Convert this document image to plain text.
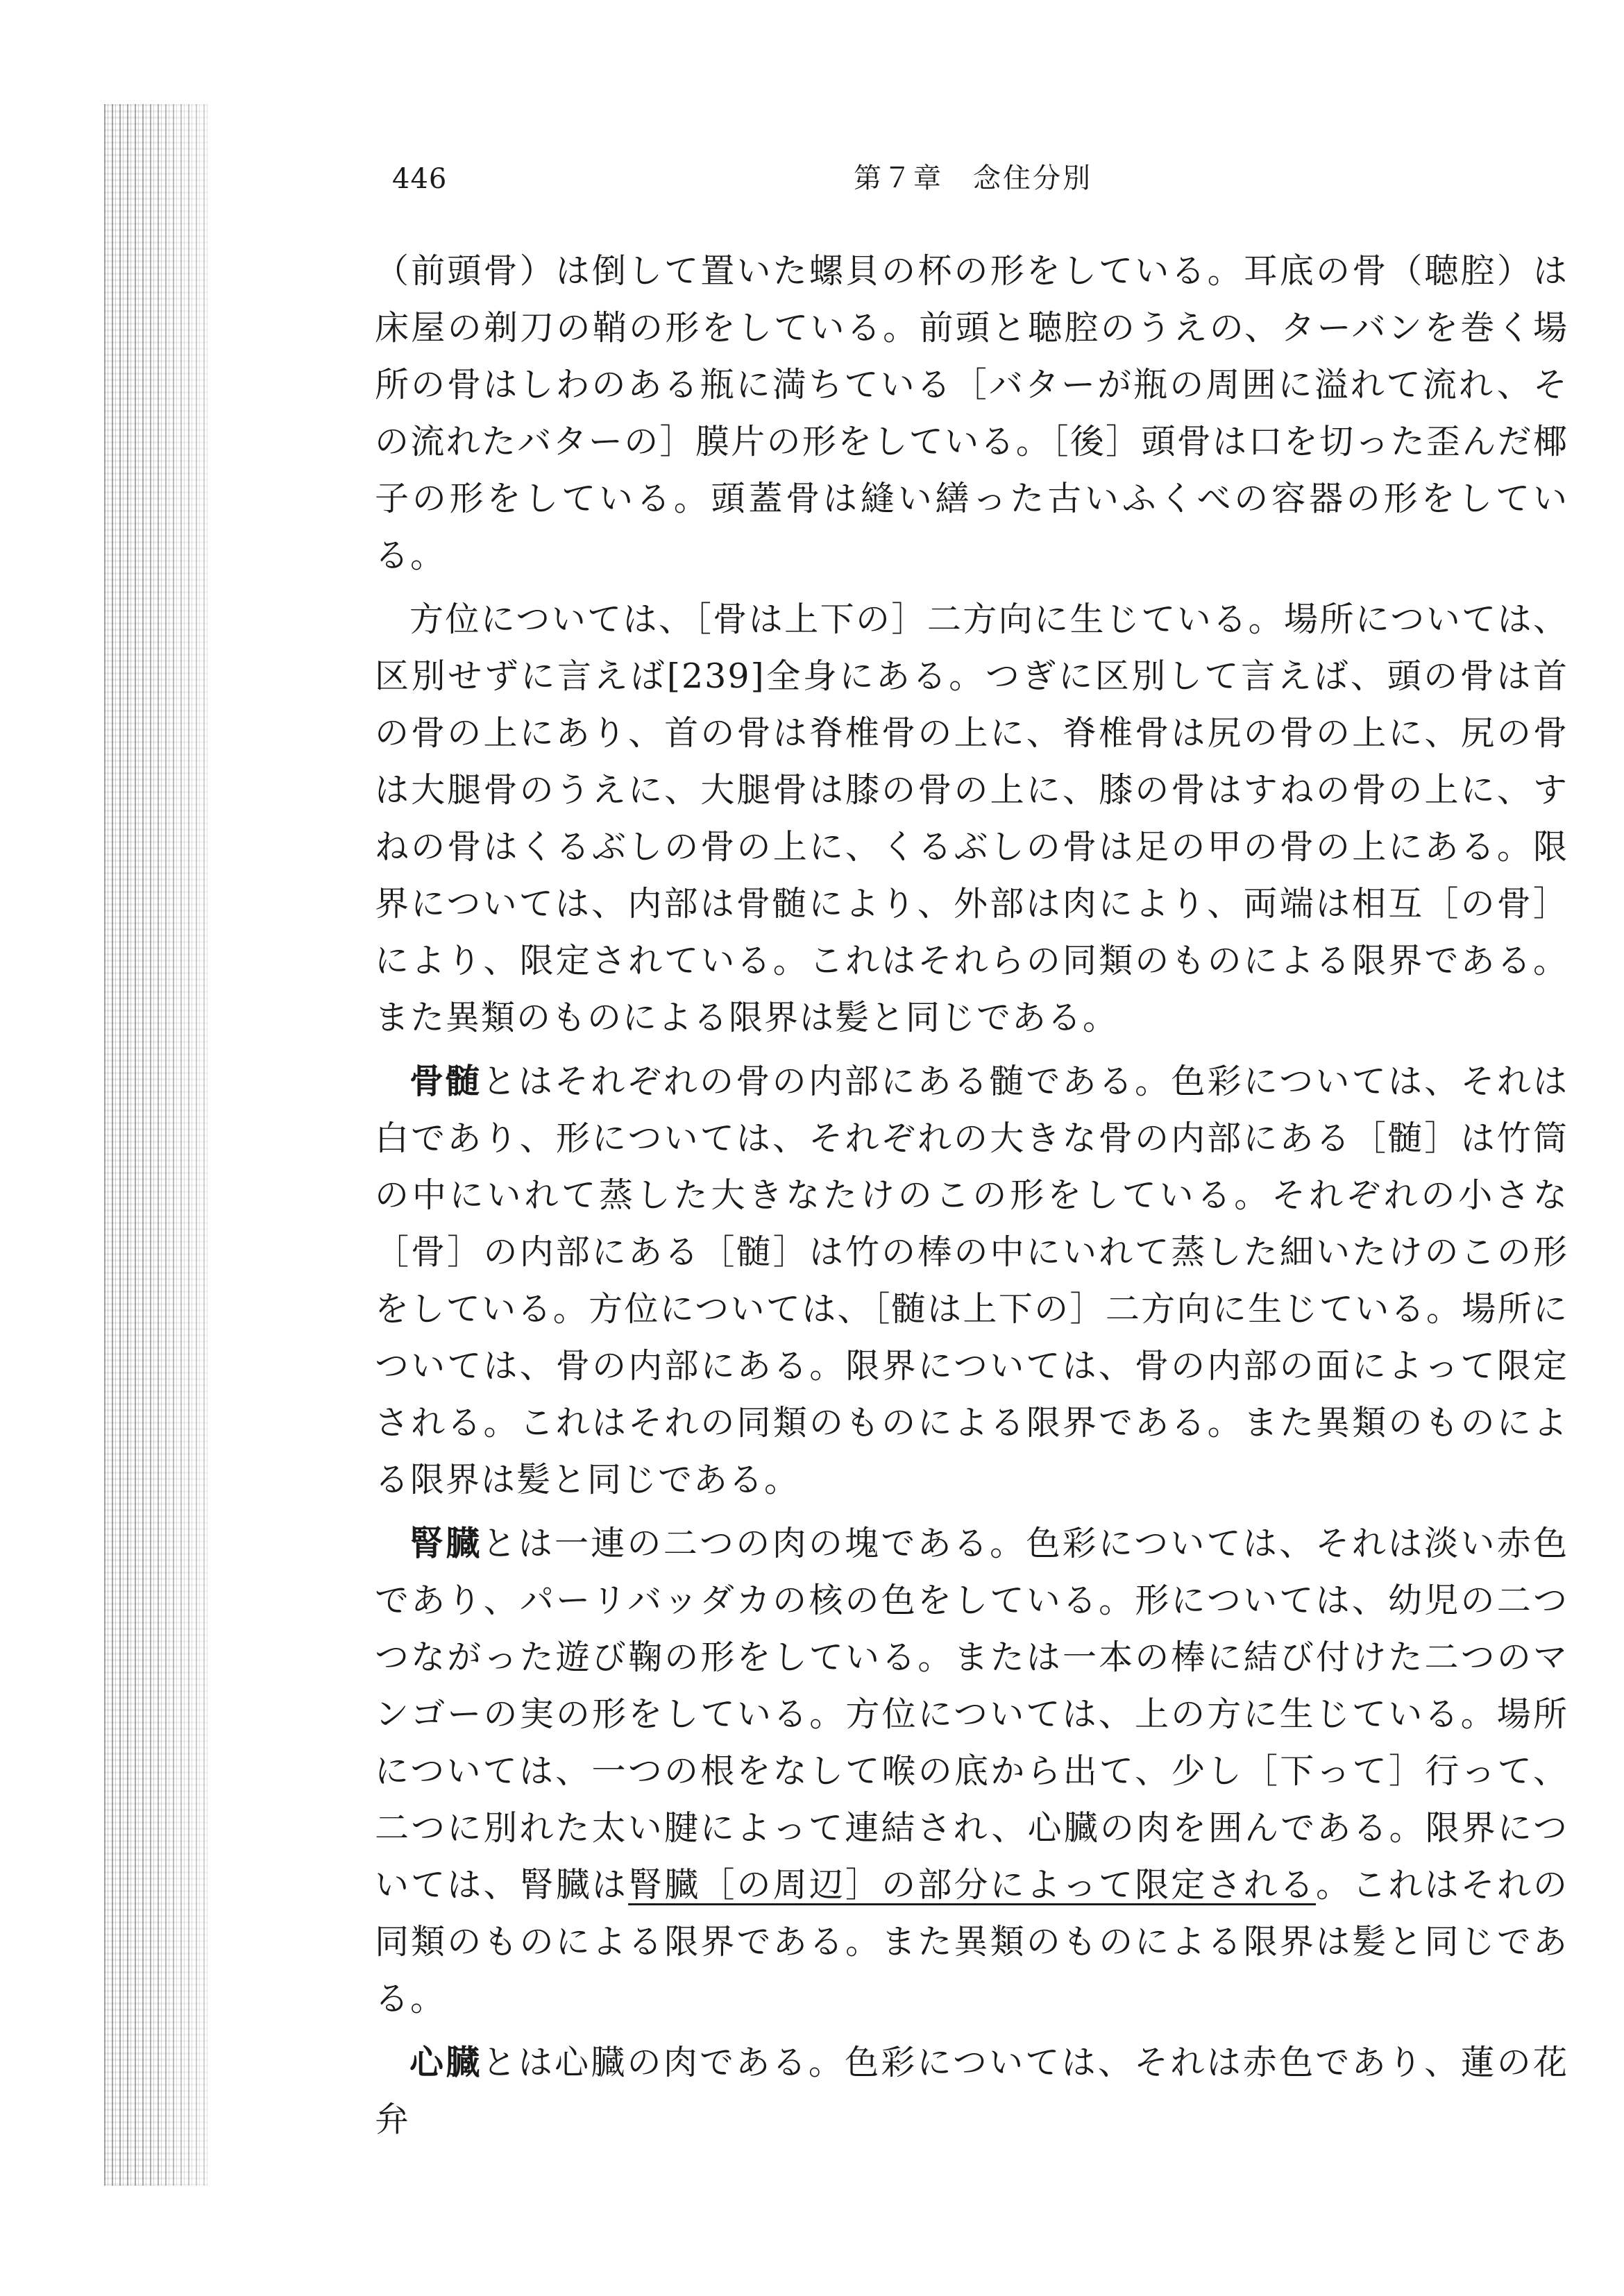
446	第７章　念住分別

（前頭骨）は倒して置いた螺貝の杯の形をしている。耳底の骨（聴腔）は床屋の剃刀の鞘の形をしている。前頭と聴腔のうえの、ターバンを巻く場所の骨はしわのある瓶に満ちている［バターが瓶の周囲に溢れて流れ、その流れたバターの］膜片の形をしている。［後］頭骨は口を切った歪んだ椰子の形をしている。頭蓋骨は縫い繕った古いふくべの容器の形をしている。

方位については、［骨は上下の］二方向に生じている。場所については、区別せずに言えば[239]全身にある。つぎに区別して言えば、頭の骨は首の骨の上にあり、首の骨は脊椎骨の上に、脊椎骨は尻の骨の上に、尻の骨は大腿骨のうえに、大腿骨は膝の骨の上に、膝の骨はすねの骨の上に、すねの骨はくるぶしの骨の上に、くるぶしの骨は足の甲の骨の上にある。限界については、内部は骨髄により、外部は肉により、両端は相互［の骨］により、限定されている。これはそれらの同類のものによる限界である。また異類のものによる限界は髪と同じである。

骨髄とはそれぞれの骨の内部にある髄である。色彩については、それは白であり、形については、それぞれの大きな骨の内部にある［髄］は竹筒の中にいれて蒸した大きなたけのこの形をしている。それぞれの小さな［骨］の内部にある［髄］は竹の棒の中にいれて蒸した細いたけのこの形をしている。方位については、［髄は上下の］二方向に生じている。場所については、骨の内部にある。限界については、骨の内部の面によって限定される。これはそれの同類のものによる限界である。また異類のものによる限界は髪と同じである。

腎臓とは一連の二つの肉の塊である。色彩については、それは淡い赤色であり、パーリバッダカの核の色をしている。形については、幼児の二つつながった遊び鞠の形をしている。または一本の棒に結び付けた二つのマンゴーの実の形をしている。方位については、上の方に生じている。場所については、一つの根をなして喉の底から出て、少し［下って］行って、二つに別れた太い腱によって連結され、心臓の肉を囲んである。限界については、腎臓は腎臓［の周辺］の部分によって限定される。これはそれの同類のものによる限界である。また異類のものによる限界は髪と同じである。

心臓とは心臓の肉である。色彩については、それは赤色であり、蓮の花弁
